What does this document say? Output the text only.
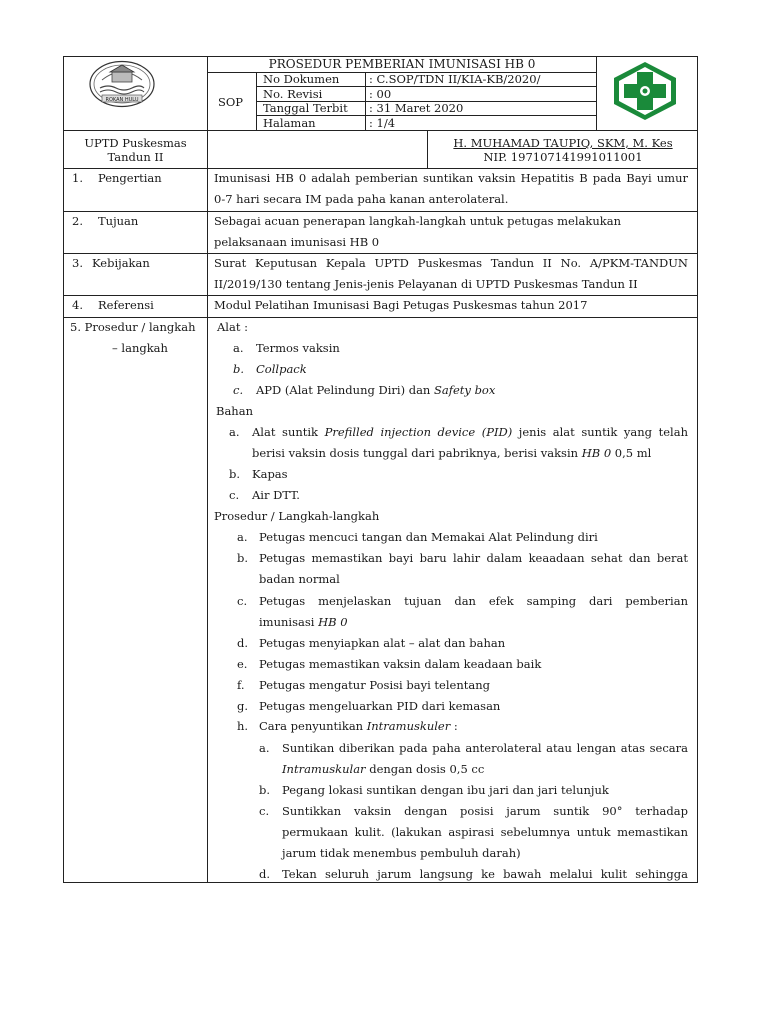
ROKAN HULU
PROSEDUR PEMBERIAN IMUNISASI HB 0
SOP
No Dokumen	: C.SOP/TDN II/KIA-KB/2020/
No. Revisi	: 00
Tanggal Terbit : 31 Maret 2020
Halaman	: 1/4
UPTD Puskesmas
Tandun II
H. MUHAMAD TAUPIQ, SKM, M. Kes
NIP. 197107141991011001
1. Pengertian	Imunisasi HB 0 adalah pemberian suntikan vaksin Hepatitis B pada Bayi umur
0-7 hari secara IM pada paha kanan anterolateral.
2. Tujuan	Sebagai acuan penerapan langkah-langkah untuk petugas melakukan
pelaksanaan imunisasi HB 0
3. Kebijakan	Surat Keputusan Kepala UPTD Puskesmas Tandun II No. A/PKM-TANDUN
II/2019/130 tentang Jenis-jenis Pelayanan di UPTD Puskesmas Tandun II
4. Referensi	Modul Pelatihan Imunisasi Bagi Petugas Puskesmas tahun 2017
5. Prosedur / langkah
– langkah
Alat :
a. Termos vaksin
b. Collpack
c. APD (Alat Pelindung Diri) dan Safety box
Bahan
a. Alat suntik Prefilled injection device (PID) jenis alat suntik yang telah
berisi vaksin dosis tunggal dari pabriknya, berisi vaksin HB 0 0,5 ml
b. Kapas
c. Air DTT.
Prosedur / Langkah-langkah
a. Petugas mencuci tangan dan Memakai Alat Pelindung diri
b. Petugas memastikan bayi baru lahir dalam keaadaan sehat dan berat
badan normal
c. Petugas menjelaskan tujuan dan efek samping dari pemberian
imunisasi HB 0
d. Petugas menyiapkan alat – alat dan bahan
e. Petugas memastikan vaksin dalam keadaan baik
f. Petugas mengatur Posisi bayi telentang
g. Petugas mengeluarkan PID dari kemasan
h. Cara penyuntikan Intramuskuler :
a. Suntikan diberikan pada paha anterolateral atau lengan atas secara
Intramuskular dengan dosis 0,5 cc
b. Pegang lokasi suntikan dengan ibu jari dan jari telunjuk
c. Suntikkan vaksin dengan posisi jarum suntik 90° terhadap
permukaan kulit. (lakukan aspirasi sebelumnya untuk memastikan
jarum tidak menembus pembuluh darah)
d. Tekan seluruh jarum langsung ke bawah melalui kulit sehingga
